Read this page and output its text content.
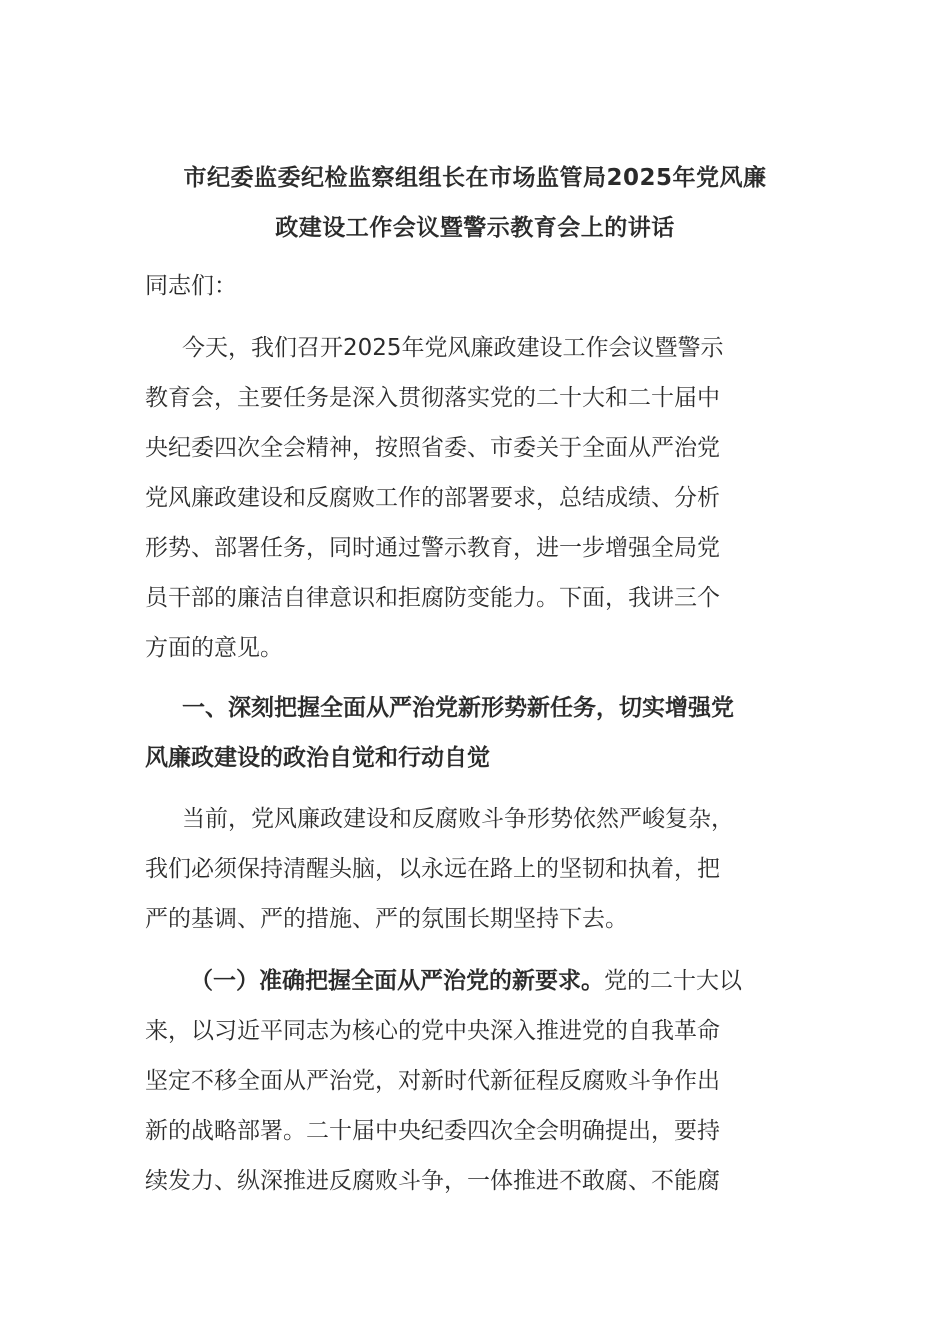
市纪委监委纪检监察组组长在市场监管局2025年党风廉
政建设工作会议暨警示教育会上的讲话
同志们：
今天，我们召开2025年党风廉政建设工作会议暨警示
教育会，主要任务是深入贯彻落实党的二十大和二十届中
央纪委四次全会精神，按照省委、市委关于全面从严治党
党风廉政建设和反腐败工作的部署要求，总结成绩、分析
形势、部署任务，同时通过警示教育，进一步增强全局党
员干部的廉洁自律意识和拒腐防变能力。下面，我讲三个
方面的意见。
一、深刻把握全面从严治党新形势新任务，切实增强党
风廉政建设的政治自觉和行动自觉
当前，党风廉政建设和反腐败斗争形势依然严峻复杂，
我们必须保持清醒头脑，以永远在路上的坚韧和执着，把
严的基调、严的措施、严的氛围长期坚持下去。
（一）准确把握全面从严治党的新要求。党的二十大以
来，以习近平同志为核心的党中央深入推进党的自我革命
坚定不移全面从严治党，对新时代新征程反腐败斗争作出
新的战略部署。二十届中央纪委四次全会明确提出，要持
续发力、纵深推进反腐败斗争，一体推进不敢腐、不能腐
